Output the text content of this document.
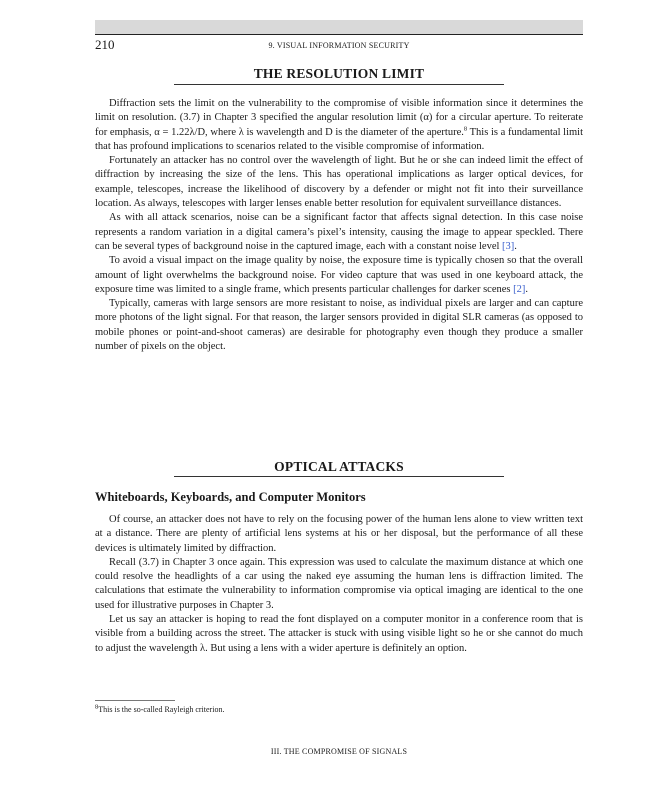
210	9. VISUAL INFORMATION SECURITY
THE RESOLUTION LIMIT

Diffraction sets the limit on the vulnerability to the compromise of visible information since it determines the limit on resolution. (3.7) in Chapter 3 specified the angular resolution limit (α) for a circular aperture. To reiterate for emphasis, α = 1.22λ/D, where λ is wavelength and D is the diameter of the aperture.$^8$ This is a fundamental limit that has profound implications to scenarios related to the visible compromise of information.

Fortunately an attacker has no control over the wavelength of light. But he or she can indeed limit the effect of diffraction by increasing the size of the lens. This has operational implications as larger optical devices, for example, telescopes, increase the likelihood of discovery by a defender or might not fit into their surveillance location. As always, telescopes with larger lenses enable better resolution for equivalent surveillance distances.

As with all attack scenarios, noise can be a significant factor that affects signal detection. In this case noise represents a random variation in a digital camera’s pixel’s intensity, causing the image to appear speckled. There can be several types of background noise in the captured image, each with a constant noise level [3].

To avoid a visual impact on the image quality by noise, the exposure time is typically chosen so that the overall amount of light overwhelms the background noise. For video capture that was used in one keyboard attack, the exposure time was limited to a single frame, which presents particular challenges for darker scenes [2].

Typically, cameras with large sensors are more resistant to noise, as individual pixels are larger and can capture more photons of the light signal. For that reason, the larger sensors provided in digital SLR cameras (as opposed to mobile phones or point-and-shoot cameras) are desirable for photography even though they produce a smaller number of pixels on the object.

OPTICAL ATTACKS
Whiteboards, Keyboards, and Computer Monitors

Of course, an attacker does not have to rely on the focusing power of the human lens alone to view written text at a distance. There are plenty of artificial lens systems at his or her disposal, but the performance of all these devices is ultimately limited by diffraction.

Recall (3.7) in Chapter 3 once again. This expression was used to calculate the maximum distance at which one could resolve the headlights of a car using the naked eye assuming the human lens is diffraction limited. The calculations that estimate the vulnerability to information compromise via optical imaging are identical to the one used for illustrative purposes in Chapter 3.

Let us say an attacker is hoping to read the font displayed on a computer monitor in a conference room that is visible from a building across the street. The attacker is stuck with using visible light so he or she cannot do much to adjust the wavelength λ. But using a lens with a wider aperture is definitely an option.

$^8$This is the so-called Rayleigh criterion.
III. THE COMPROMISE OF SIGNALS
